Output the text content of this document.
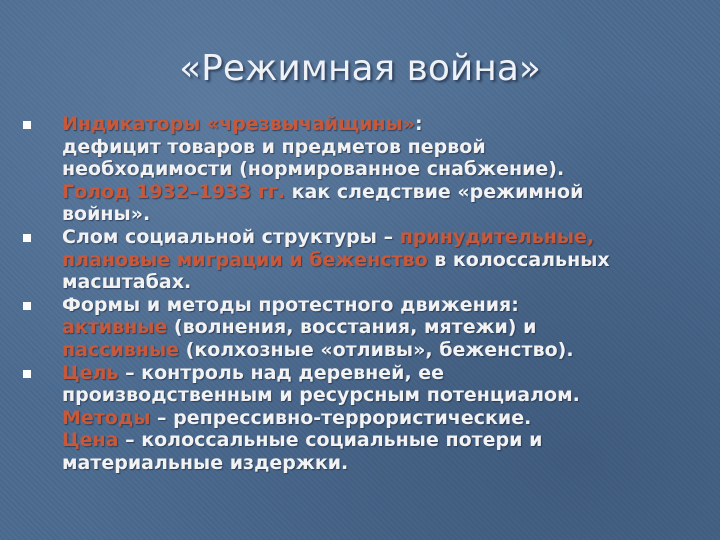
«Режимная война»
Индикаторы «чрезвычайщины»:
дефицит товаров и предметов первой
необходимости (нормированное снабжение).
Голод 1932–1933 гг. как следствие «режимной
войны».
Слом социальной структуры – принудительные,
плановые миграции и беженство в колоссальных
масштабах.
Формы и методы протестного движения:
активные (волнения, восстания, мятежи) и
пассивные (колхозные «отливы», беженство).
Цель – контроль над деревней, ее
производственным и ресурсным потенциалом.
Методы – репрессивно-террористические.
Цена – колоссальные социальные потери и
материальные издержки.
